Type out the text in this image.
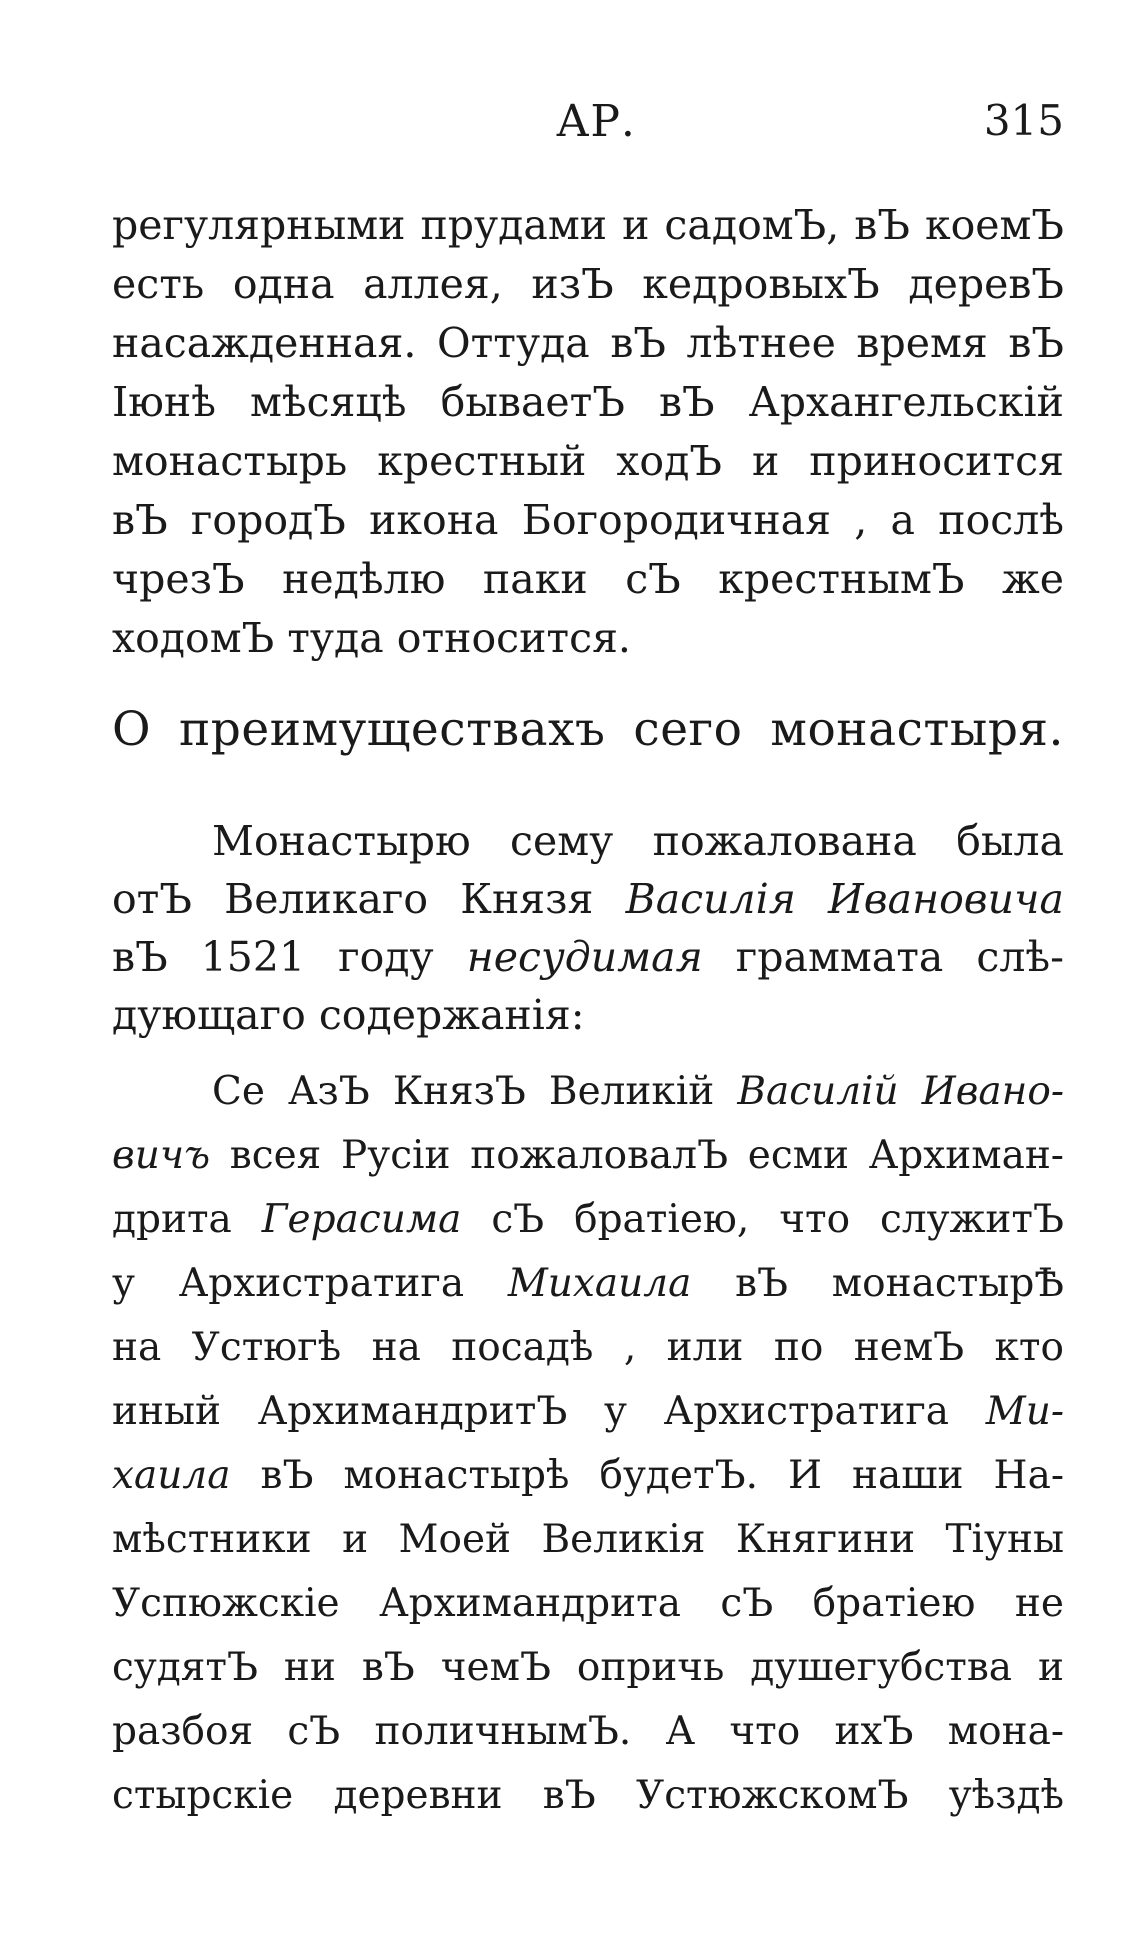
АР.	315
регулярными прудами и садомЪ, вЪ коемЪ
есть одна аллея, изЪ кедровыхЪ деревЪ
насажденная. Оттуда вЪ лѣтнее время вЪ
Іюнѣ мѣсяцѣ бываетЪ вЪ Архангельскій
монастырь крестный ходЪ и приносится
вЪ городЪ икона Богородичная , а послѣ
чрезЪ недѣлю паки сЪ крестнымЪ же
ходомЪ туда относится.
О преимуществахъ сего монастыря.
Монастырю сему пожалована была
отЪ Великаго Князя Василія Ивановича
вЪ 1521 году несудимая граммата слѣ-
дующаго содержанія:
Се АзЪ КнязЪ Великій Василій Ивано-
вичъ всея Русіи пожаловалЪ есми Архиман-
дрита Герасима сЪ братіею, что служитЪ
у Архистратига Михаила вЪ монастырѢ
на Устюгѣ на посадѣ , или по немЪ кто
иный АрхимандритЪ у Архистратига Ми-
хаила вЪ монастырѣ будетЪ. И наши На-
мѣстники и Моей Великія Княгини Тіуны
Успюжскіе Архимандрита сЪ братіею не
судятЪ ни вЪ чемЪ опричь душегубства и
разбоя сЪ поличнымЪ. А что ихЪ мона-
стырскіе деревни вЪ УстюжскомЪ уѣздѣ
